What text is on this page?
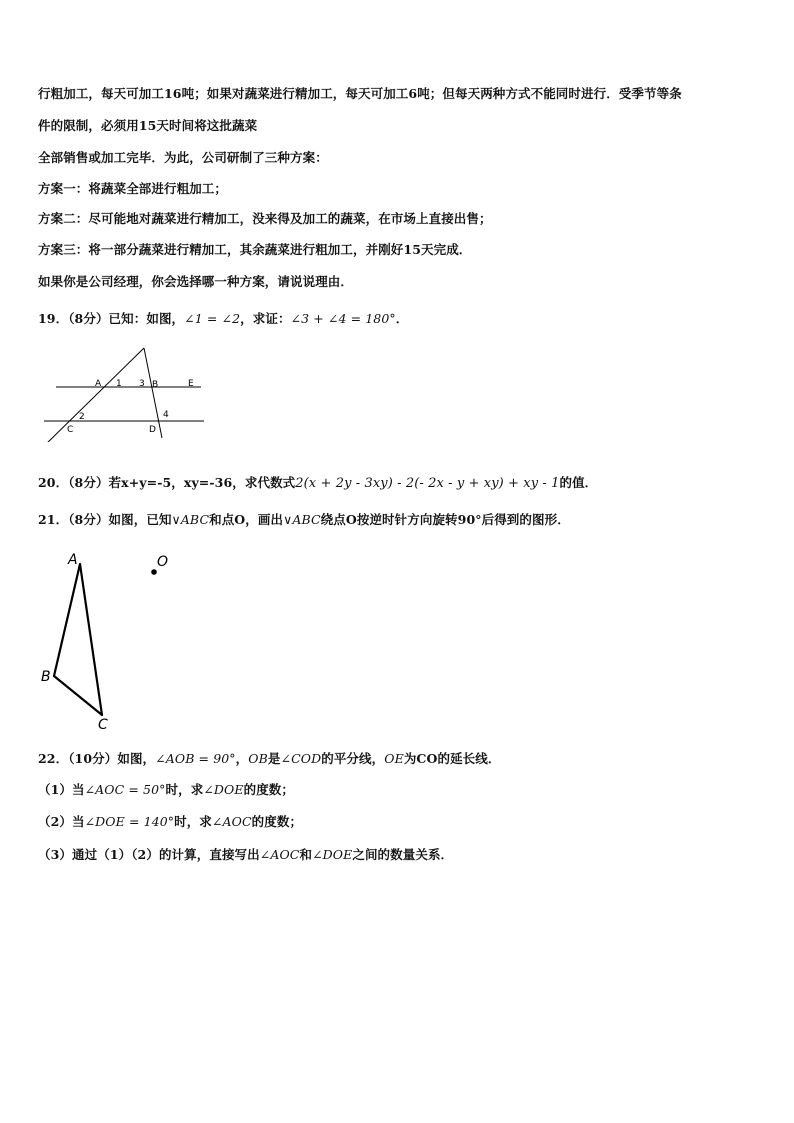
行粗加工，每天可加工16吨；如果对蔬菜进行精加工，每天可加工6吨；但每天两种方式不能同时进行．受季节等条
件的限制，必须用15天时间将这批蔬菜
全部销售或加工完毕．为此，公司研制了三种方案：
方案一：将蔬菜全部进行粗加工；
方案二：尽可能地对蔬菜进行精加工，没来得及加工的蔬菜，在市场上直接出售；
方案三：将一部分蔬菜进行精加工，其余蔬菜进行粗加工，并刚好15天完成．
如果你是公司经理，你会选择哪一种方案，请说说理由．
19．（8分）已知：如图，∠1 = ∠2，求证：∠3 + ∠4 = 180°．
A 1 3 B	E
2	4
C	D
20．（8分）若x+y=-5，xy=-36，求代数式2(x + 2y - 3xy) - 2(- 2x - y + xy) + xy - 1的值．
21．（8分）如图，已知∨ABC和点O，画出∨ABC绕点O按逆时针方向旋转90°后得到的图形．
A	O
B
C
22．（10分）如图，∠AOB = 90°，OB是∠COD的平分线，OE为CO的延长线．
（1）当∠AOC = 50°时，求∠DOE的度数；
（2）当∠DOE = 140°时，求∠AOC的度数；
（3）通过（1）（2）的计算，直接写出∠AOC和∠DOE之间的数量关系．
